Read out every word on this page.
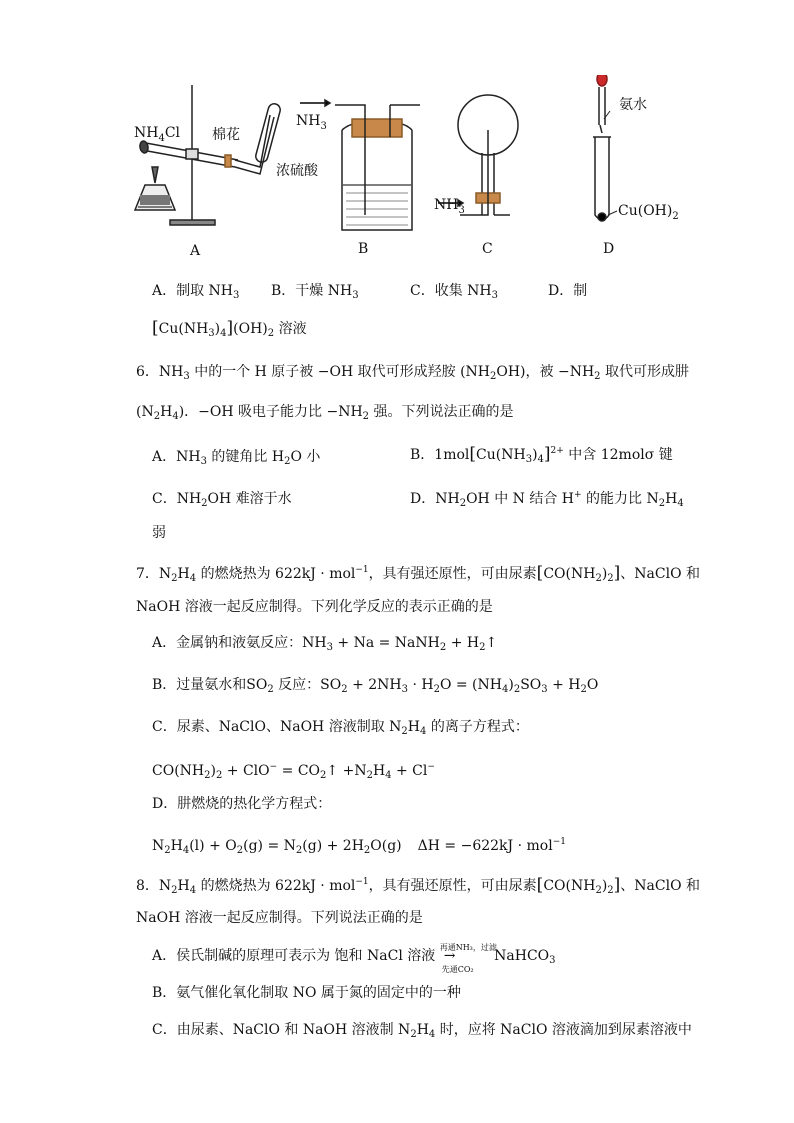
$NH_4Cl$ 棉花
$NH_3$
浓硫酸
$NH_3$
氨水
$Cu(OH)_2$
A	B	C	D
A．制取 $NH_3$ B．干燥 $NH_3$	C．收集 $NH_3$	D．制
$[Cu(NH_3)_4](OH)_2$ 溶液
6．$NH_3$ 中的一个 H 原子被 −OH 取代可形成羟胺 $(NH_2OH)$，被 $-NH_2$ 取代可形成肼
$(N_2H_4)$．−OH 吸电子能力比 $-NH_2$ 强。下列说法正确的是
A．$NH_3$ 的键角比 $H_2O$ 小	B．$1mol[Cu(NH_3)_4]^{2+}$ 中含 12molσ 键
C．$NH_2OH$ 难溶于水	D．$NH_2OH$ 中 N 结合 H+ 的能力比 $N_2H_4$
弱
7．$N_2H_4$ 的燃烧热为 622kJ · mol$^{-1}$，具有强还原性，可由尿素$[CO(NH_2)_2]$、NaClO 和
NaOH 溶液一起反应制得。下列化学反应的表示正确的是
A．金属钠和液氨反应：$NH_3 + Na$ = NaNH$_2$ + $H_2↑$
B．过量氨水和$SO_2$ 反应：$SO_2 + 2NH_3 \cdot H_2O = (NH_4)_2SO_3 + H_2O$
C．尿素、NaClO、NaOH 溶液制取 $N_2H_4$ 的离子方程式：
$CO(NH_2)_2 + ClO^-$ = $CO_2↑ +N_2H_4 + Cl^-$
D．肼燃烧的热化学方程式：
$N_2H_4(l) + O_2(g) = N_2(g) + 2H_2O(g) \Delta H = -622kJ \cdot mol^{-1}$
8．$N_2H_4$ 的燃烧热为 622kJ · mol$^{-1}$，具有强还原性，可由尿素$[CO(NH_2)_2]$、NaClO 和
NaOH 溶液一起反应制得。下列说法正确的是
A．侯氏制碱的原理可表示为 饱和 NaCl 溶液
再通NH₃，过滤
→
先通CO₂
NaHCO$_3$
B．氨气催化氧化制取 NO 属于氮的固定中的一种
C．由尿素、NaClO 和 NaOH 溶液制 $N_2H_4$ 时，应将 NaClO 溶液滴加到尿素溶液中
